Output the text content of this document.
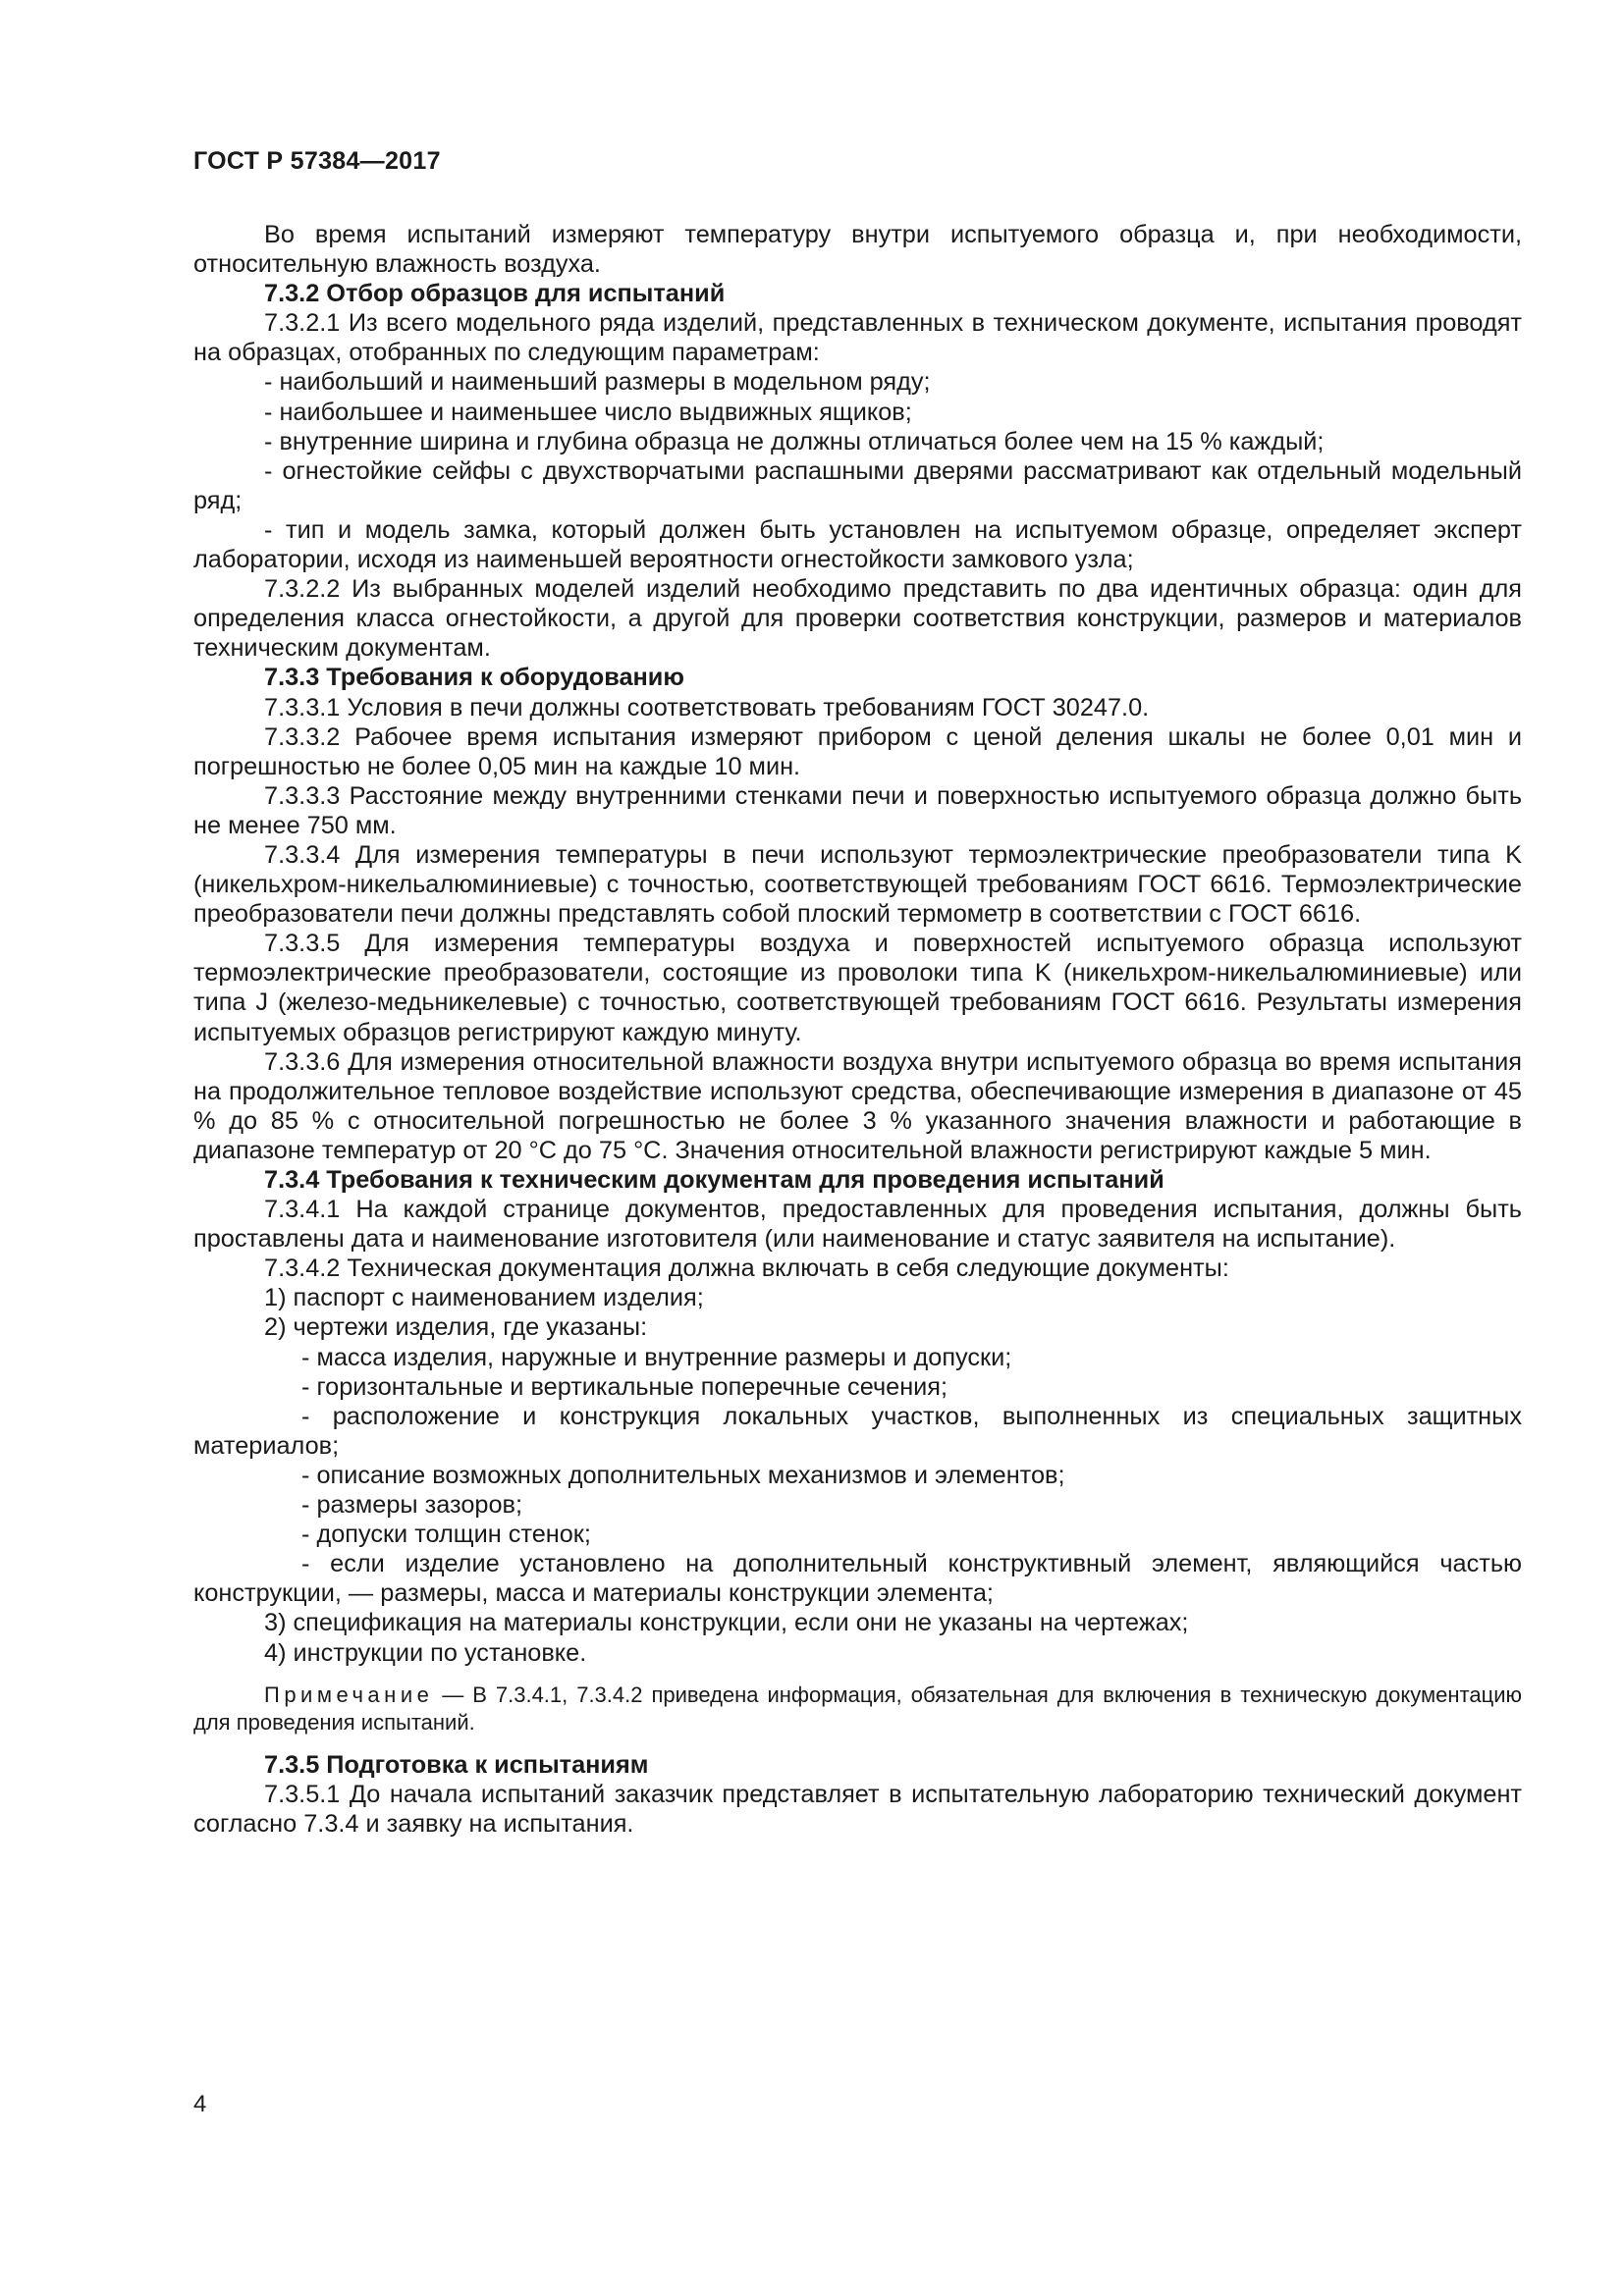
ГОСТ Р 57384—2017

Во время испытаний измеряют температуру внутри испытуемого образца и, при необходимости, относительную влажность воздуха.

7.3.2 Отбор образцов для испытаний

7.3.2.1 Из всего модельного ряда изделий, представленных в техническом документе, испытания проводят на образцах, отобранных по следующим параметрам:

- наибольший и наименьший размеры в модельном ряду;

- наибольшее и наименьшее число выдвижных ящиков;

- внутренние ширина и глубина образца не должны отличаться более чем на 15 % каждый;

- огнестойкие сейфы с двухстворчатыми распашными дверями рассматривают как отдельный модельный ряд;

- тип и модель замка, который должен быть установлен на испытуемом образце, определяет эксперт лаборатории, исходя из наименьшей вероятности огнестойкости замкового узла;

7.3.2.2 Из выбранных моделей изделий необходимо представить по два идентичных образца: один для определения класса огнестойкости, а другой для проверки соответствия конструкции, размеров и материалов техническим документам.

7.3.3 Требования к оборудованию

7.3.3.1 Условия в печи должны соответствовать требованиям ГОСТ 30247.0.

7.3.3.2 Рабочее время испытания измеряют прибором с ценой деления шкалы не более 0,01 мин и погрешностью не более 0,05 мин на каждые 10 мин.

7.3.3.3 Расстояние между внутренними стенками печи и поверхностью испытуемого образца должно быть не менее 750 мм.

7.3.3.4 Для измерения температуры в печи используют термоэлектрические преобразователи типа K (никельхром-никельалюминиевые) с точностью, соответствующей требованиям ГОСТ 6616. Термоэлектрические преобразователи печи должны представлять собой плоский термометр в соответствии с ГОСТ 6616.

7.3.3.5 Для измерения температуры воздуха и поверхностей испытуемого образца используют термоэлектрические преобразователи, состоящие из проволоки типа K (никельхром-никельалюминиевые) или типа J (железо-медьникелевые) с точностью, соответствующей требованиям ГОСТ 6616. Результаты измерения испытуемых образцов регистрируют каждую минуту.

7.3.3.6 Для измерения относительной влажности воздуха внутри испытуемого образца во время испытания на продолжительное тепловое воздействие используют средства, обеспечивающие измерения в диапазоне от 45 % до 85 % с относительной погрешностью не более 3 % указанного значения влажности и работающие в диапазоне температур от 20 °C до 75 °C. Значения относительной влажности регистрируют каждые 5 мин.

7.3.4 Требования к техническим документам для проведения испытаний

7.3.4.1 На каждой странице документов, предоставленных для проведения испытания, должны быть проставлены дата и наименование изготовителя (или наименование и статус заявителя на испытание).

7.3.4.2 Техническая документация должна включать в себя следующие документы:

1) паспорт с наименованием изделия;

2) чертежи изделия, где указаны:

- масса изделия, наружные и внутренние размеры и допуски;

- горизонтальные и вертикальные поперечные сечения;

- расположение и конструкция локальных участков, выполненных из специальных защитных материалов;

- описание возможных дополнительных механизмов и элементов;

- размеры зазоров;

- допуски толщин стенок;

- если изделие установлено на дополнительный конструктивный элемент, являющийся частью конструкции, — размеры, масса и материалы конструкции элемента;

3) спецификация на материалы конструкции, если они не указаны на чертежах;

4) инструкции по установке.

Примечание — В 7.3.4.1, 7.3.4.2 приведена информация, обязательная для включения в техническую документацию для проведения испытаний.

7.3.5 Подготовка к испытаниям

7.3.5.1 До начала испытаний заказчик представляет в испытательную лабораторию технический документ согласно 7.3.4 и заявку на испытания.

4
